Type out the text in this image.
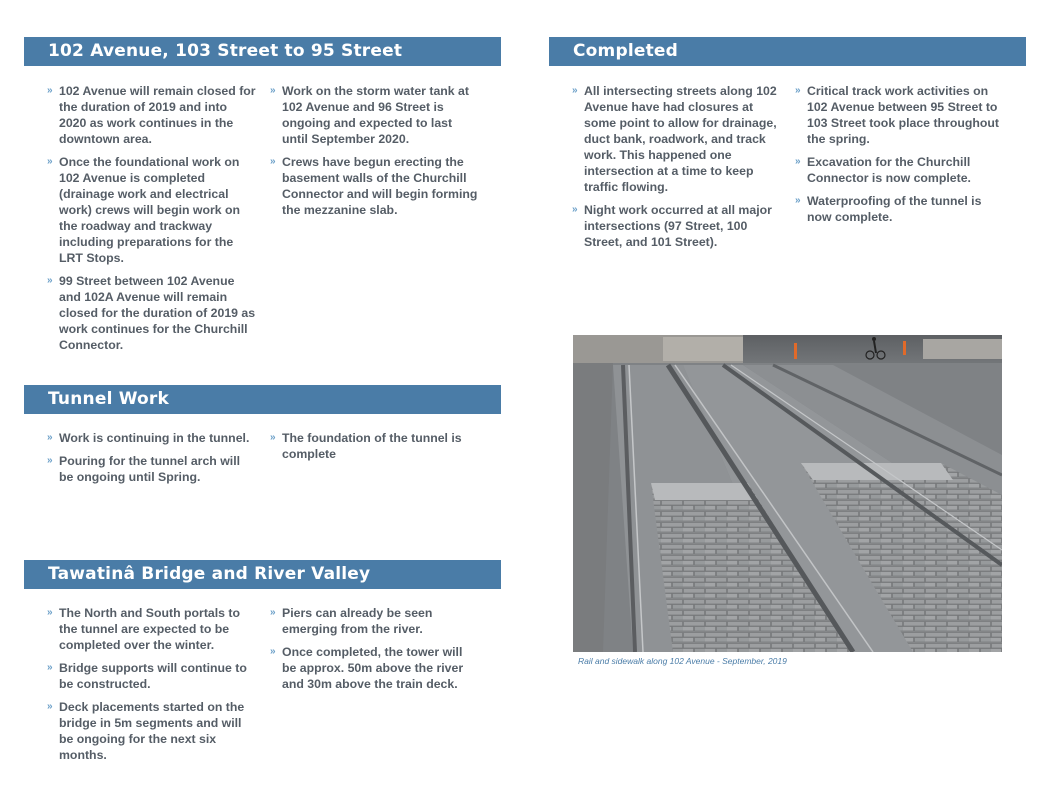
102 Avenue, 103 Street to 95 Street
» 102 Avenue will remain closed for the duration of 2019 and into 2020 as work continues in the downtown area.
» Once the foundational work on 102 Avenue is completed (drainage work and electrical work) crews will begin work on the roadway and trackway including preparations for the LRT Stops.
» 99 Street between 102 Avenue and 102A Avenue will remain closed for the duration of 2019 as work continues for the Churchill Connector.
» Work on the storm water tank at 102 Avenue and 96 Street is ongoing and expected to last until September 2020.
» Crews have begun erecting the basement walls of the Churchill Connector and will begin forming the mezzanine slab.
Tunnel Work
» Work is continuing in the tunnel.
» Pouring for the tunnel arch will be ongoing until Spring.
» The foundation of the tunnel is complete
Tawatinâ Bridge and River Valley
» The North and South portals to the tunnel are expected to be completed over the winter.
» Bridge supports will continue to be constructed.
» Deck placements started on the bridge in 5m segments and will be ongoing for the next six months.
» Piers can already be seen emerging from the river.
» Once completed, the tower will be approx. 50m above the river and 30m above the train deck.
Completed
» All intersecting streets along 102 Avenue have had closures at some point to allow for drainage, duct bank, roadwork, and track work. This happened one intersection at a time to keep traffic flowing.
» Night work occurred at all major intersections (97 Street, 100 Street, and 101 Street).
» Critical track work activities on 102 Avenue between 95 Street to 103 Street took place throughout the spring.
» Excavation for the Churchill Connector is now complete.
» Waterproofing of the tunnel is now complete.
Rail and sidewalk along 102 Avenue - September, 2019
